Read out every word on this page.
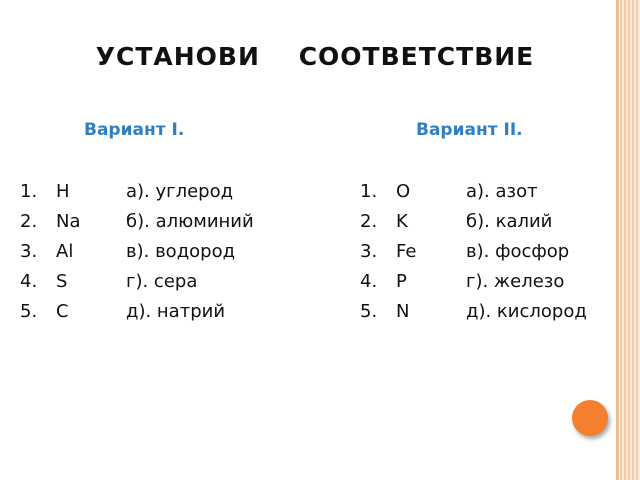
УСТАНОВИ    СООТВЕТСТВИЕ
Вариант I.	Вариант II.
1. H	а). углерод
2. Na	б). алюминий
3. Al	в). водород
4. S	г). сера
5. C	д). натрий
1. O	а). азот
2. K	б). калий
3. Fe	в). фосфор
4. P	г). железо
5. N	д). кислород
